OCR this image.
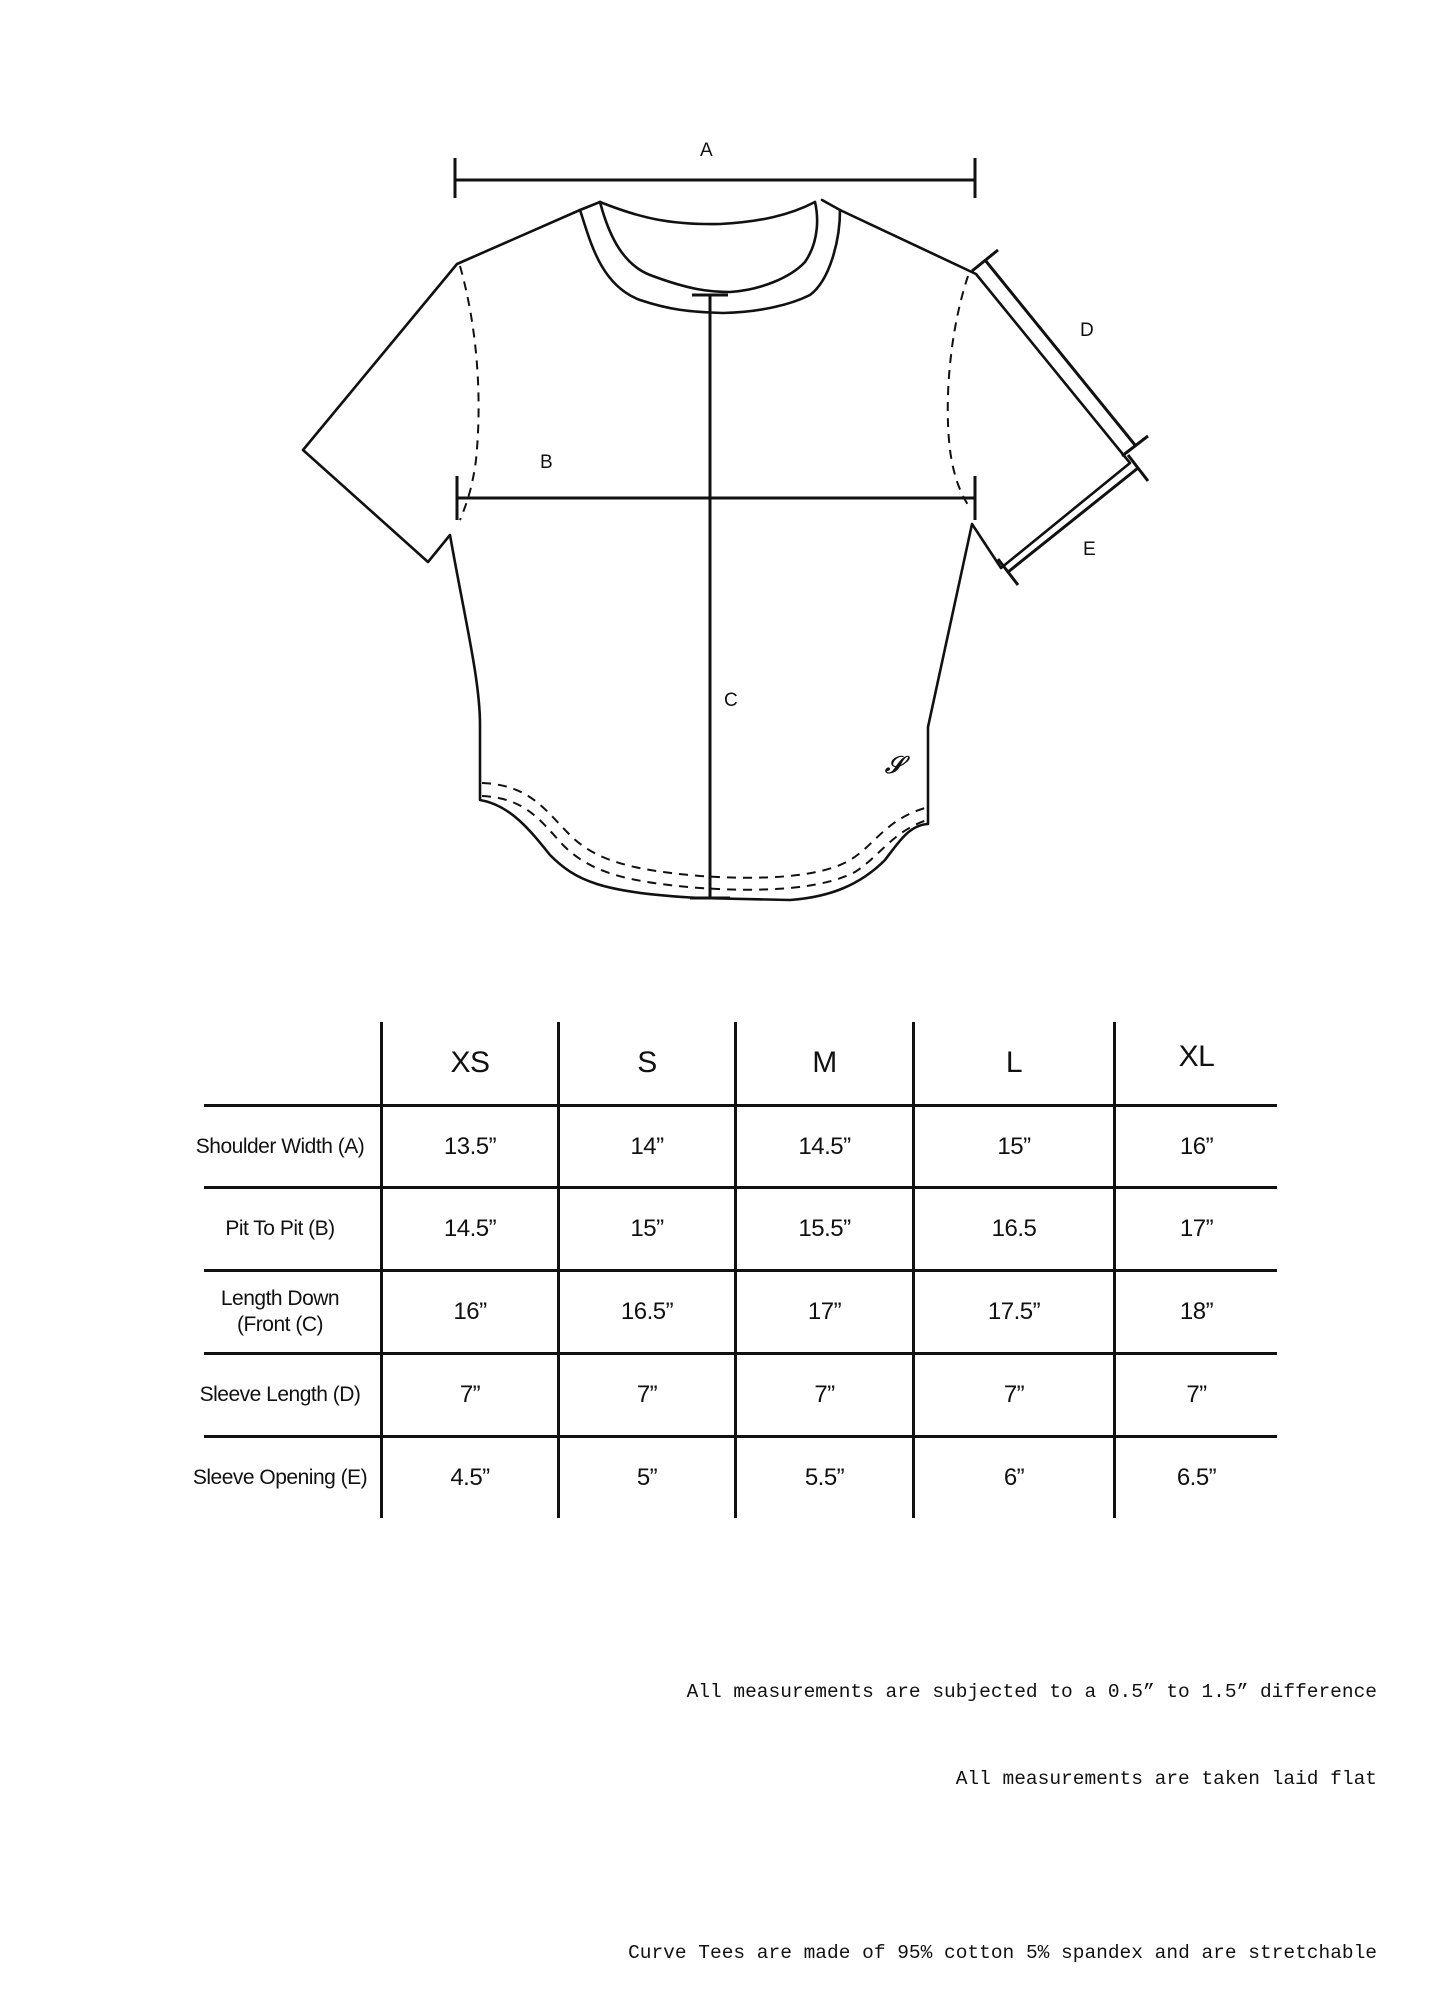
𝒮
A
B
C
D
E
XS	S	M	L	XL
Shoulder Width (A)	13.5”	14”	14.5”	15”	16”
Pit To Pit (B)	14.5”	15”	15.5”	16.5	17”
Length Down
(Front (C)	16”	16.5”	17”	17.5”	18”
Sleeve Length (D)	7”	7”	7”	7”	7”
Sleeve Opening (E)	4.5”	5”	5.5”	6”	6.5”

All measurements are subjected to a 0.5” to 1.5” difference

All measurements are taken laid flat

Curve Tees are made of 95% cotton 5% spandex and are stretchable
